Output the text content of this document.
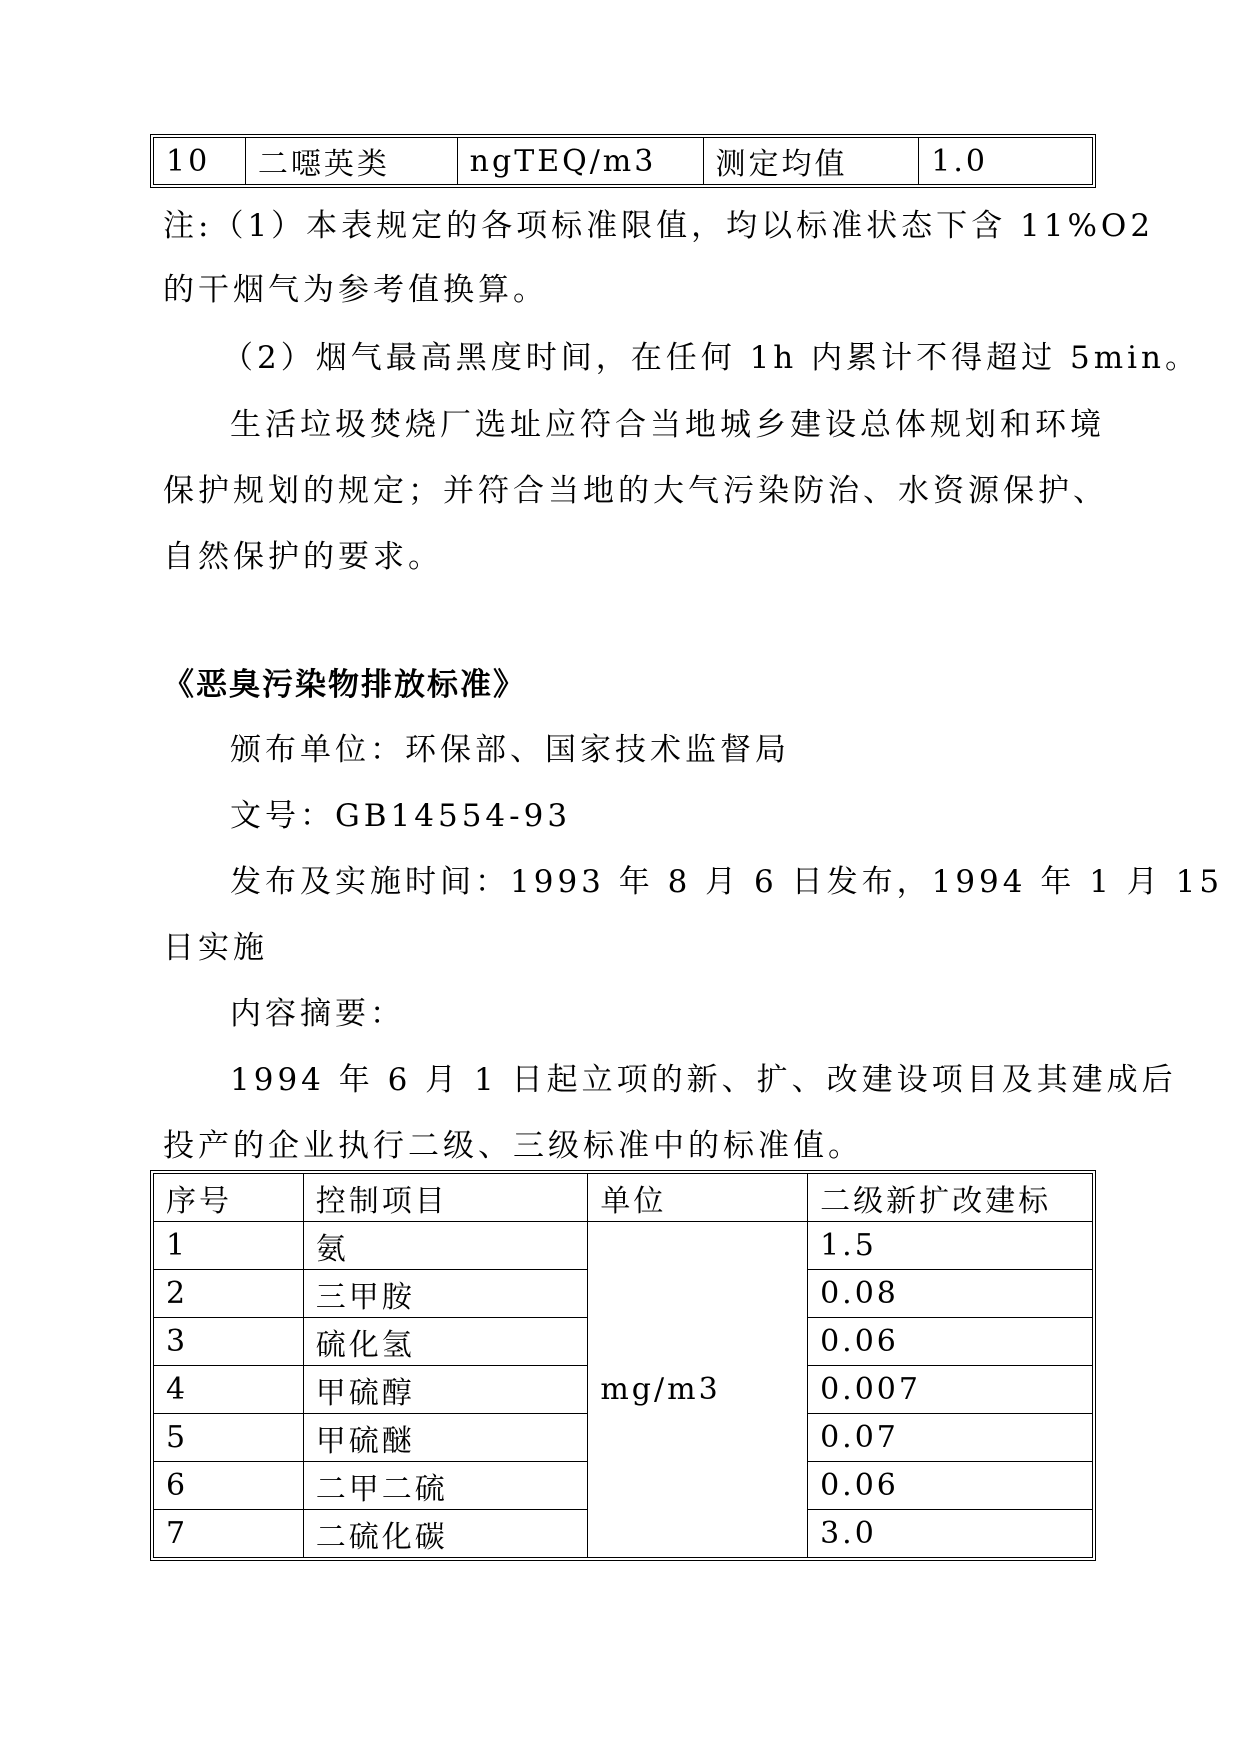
10	二噁英类	ngTEQ/m3	测定均值	1.0
注:（1）本表规定的各项标准限值，均以标准状态下含 11%O2
的干烟气为参考值换算。
（2）烟气最高黑度时间，在任何 1h 内累计不得超过 5min。
生活垃圾焚烧厂选址应符合当地城乡建设总体规划和环境
保护规划的规定；并符合当地的大气污染防治、水资源保护、
自然保护的要求。
《恶臭污染物排放标准》
颁布单位：环保部、国家技术监督局
文号：GB14554-93
发布及实施时间：1993 年 8 月 6 日发布，1994 年 1 月 15
日实施
内容摘要：
1994 年 6 月 1 日起立项的新、扩、改建设项目及其建成后
投产的企业执行二级、三级标准中的标准值。
序号	控制项目	单位	二级新扩改建标
1	氨	mg/m3	1.5
2	三甲胺		0.08
3	硫化氢		0.06
4	甲硫醇		0.007
5	甲硫醚		0.07
6	二甲二硫		0.06
7	二硫化碳		3.0
